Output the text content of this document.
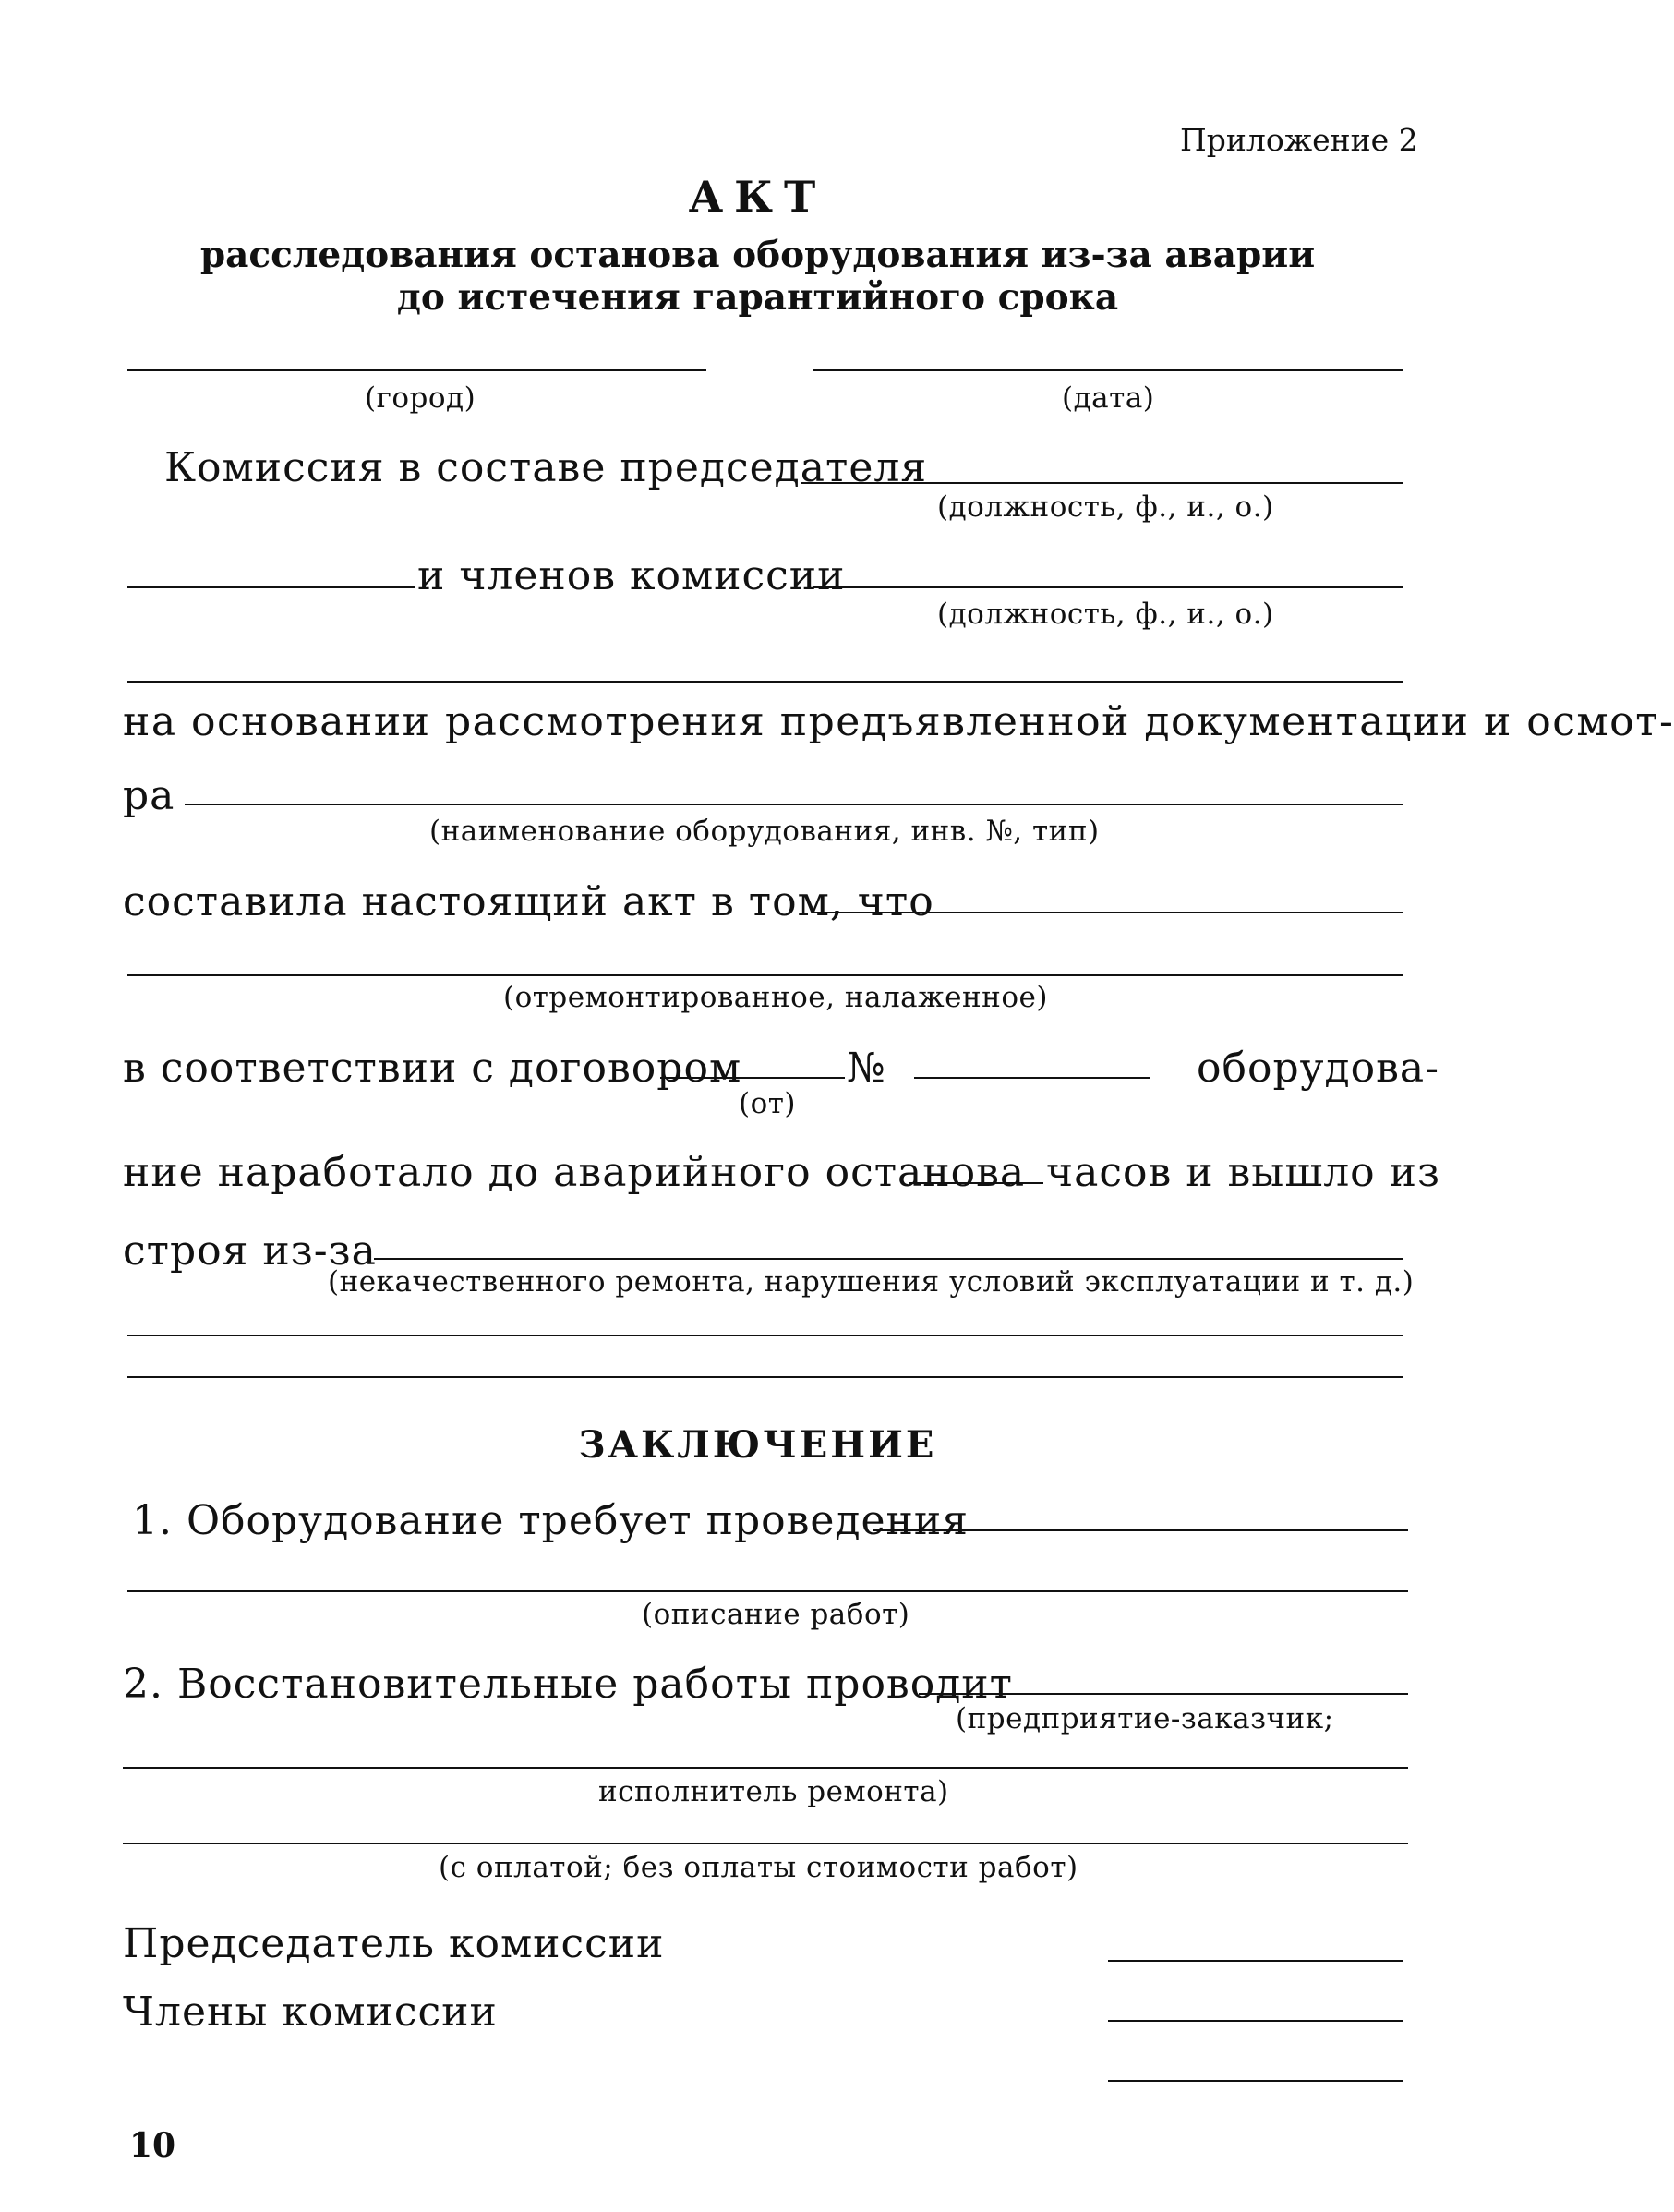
Приложение 2
АКТ
расследования останова оборудования из-за аварии
до истечения гарантийного срока
(город)	(дата)
Комиссия в составе председателя
(должность, ф., и., о.)
и членов комиссии
(должность, ф., и., о.)
на основании рассмотрения предъявленной документации и осмот-
ра
(наименование оборудования, инв. №, тип)
составила настоящий акт в том, что
(отремонтированное, налаженное)
в соответствии с договором	№	оборудова-
(от)
ние наработало до аварийного останова часов и вышло из
строя из-за
(некачественного ремонта, нарушения условий эксплуатации и т. д.)
ЗАКЛЮЧЕНИЕ
1. Оборудование требует проведения
(описание работ)
2. Восстановительные работы проводит
(предприятие-заказчик;
исполнитель ремонта)
(с оплатой; без оплаты стоимости работ)
Председатель комиссии
Члены комиссии
10
